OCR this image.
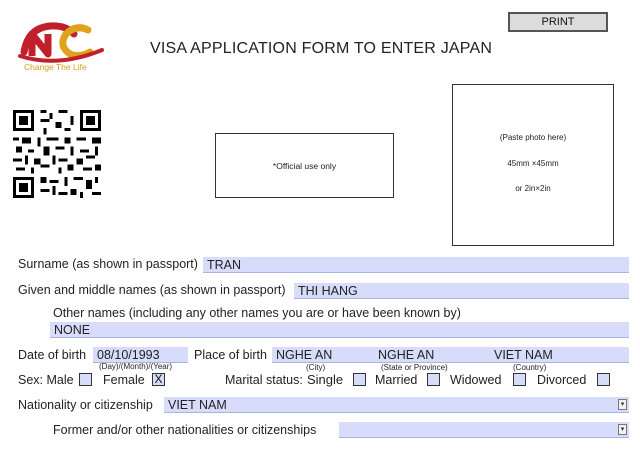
Change The Life
VISA APPLICATION FORM TO ENTER JAPAN
PRINT
*Official use only
(Paste photo here)
45mm ×45mm
or 2in×2in
Surname (as shown in passport) TRAN
Given and middle names (as shown in passport)	THI HANG
Other names (including any other names you are or have been known by)
NONE
Date of birth 08/10/1993
(Day)/(Month)/(Year)
Place of birth NGHE AN	NGHE AN	VIET NAM
(City)	(State or Province)	(Country)
Sex: Male Female X	Marital status: Single	Married	Widowed	Divorced
Nationality or citizenship	VIET NAM	▾
Former and/or other nationalities or citizenships	▾
